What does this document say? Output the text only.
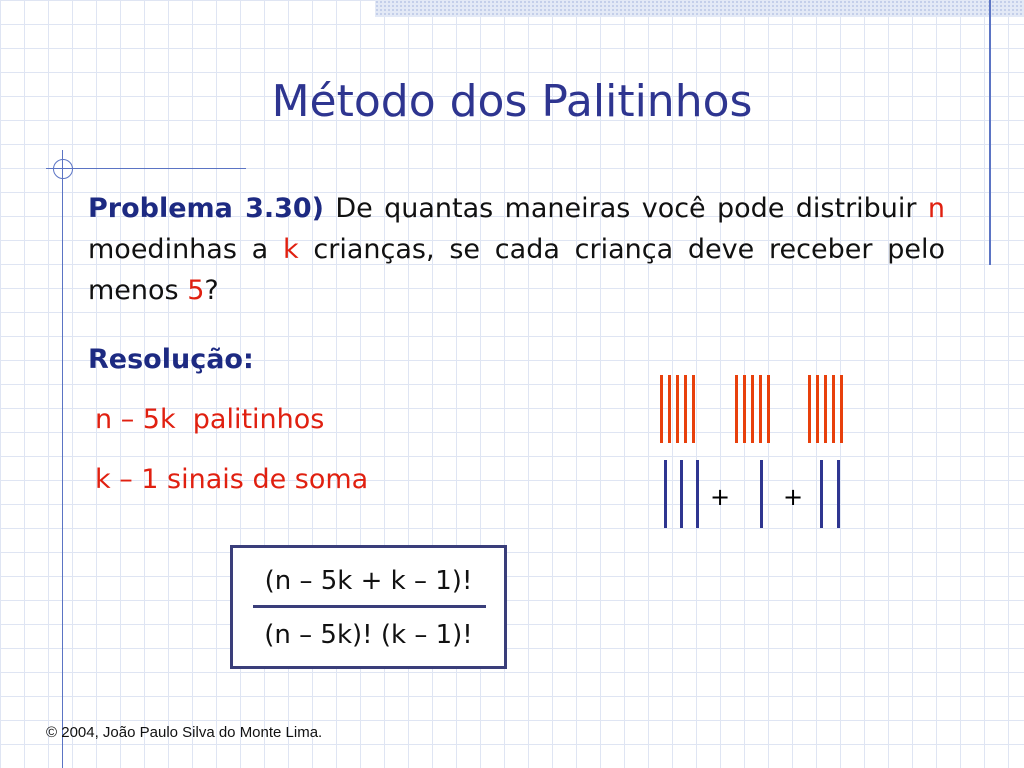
Método dos Palitinhos

Problema 3.30) De quantas maneiras você pode distribuir n moedinhas a k crianças, se cada criança deve receber pelo menos 5?

Resolução:

n – 5k  palitinhos
k – 1 sinais de soma
+ +
(n – 5k + k – 1)!
(n – 5k)! (k – 1)!
© 2004, João Paulo Silva do Monte Lima.
